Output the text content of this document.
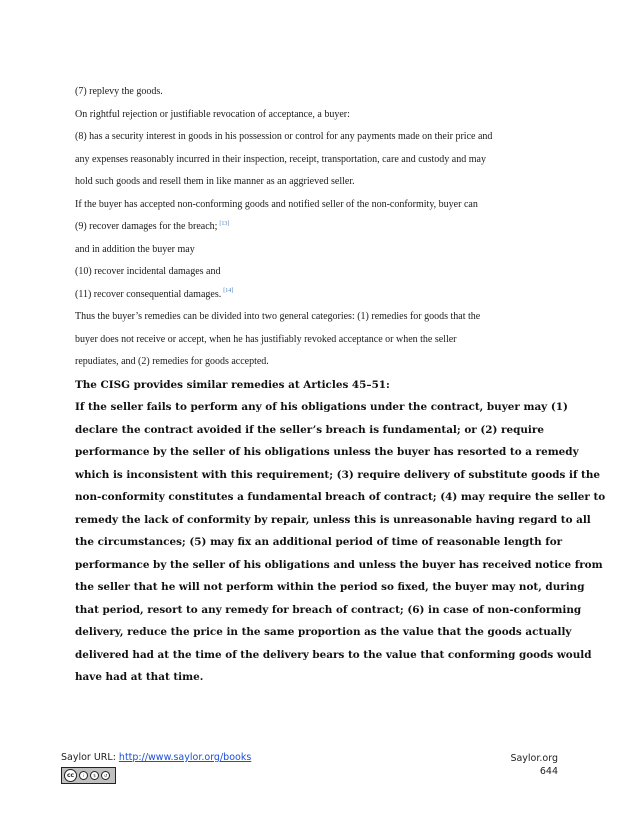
(7) replevy the goods.
On rightful rejection or justifiable revocation of acceptance, a buyer:
(8) has a security interest in goods in his possession or control for any payments made on their price and
any expenses reasonably incurred in their inspection, receipt, transportation, care and custody and may
hold such goods and resell them in like manner as an aggrieved seller.
If the buyer has accepted non-conforming goods and notified seller of the non-conformity, buyer can
(9) recover damages for the breach; [13]
and in addition the buyer may
(10) recover incidental damages and
(11) recover consequential damages. [14]
Thus the buyer’s remedies can be divided into two general categories: (1) remedies for goods that the
buyer does not receive or accept, when he has justifiably revoked acceptance or when the seller
repudiates, and (2) remedies for goods accepted.
The CISG provides similar remedies at Articles 45–51:
If the seller fails to perform any of his obligations under the contract, buyer may (1)
declare the contract avoided if the seller’s breach is fundamental; or (2) require
performance by the seller of his obligations unless the buyer has resorted to a remedy
which is inconsistent with this requirement; (3) require delivery of substitute goods if the
non-conformity constitutes a fundamental breach of contract; (4) may require the seller to
remedy the lack of conformity by repair, unless this is unreasonable having regard to all
the circumstances; (5) may fix an additional period of time of reasonable length for
performance by the seller of his obligations and unless the buyer has received notice from
the seller that he will not perform within the period so fixed, the buyer may not, during
that period, resort to any remedy for breach of contract; (6) in case of non-conforming
delivery, reduce the price in the same proportion as the value that the goods actually
delivered had at the time of the delivery bears to the value that conforming goods would
have had at that time.
Saylor URL: http://www.saylor.org/books
cc	i	$	↺
Saylor.org
644
